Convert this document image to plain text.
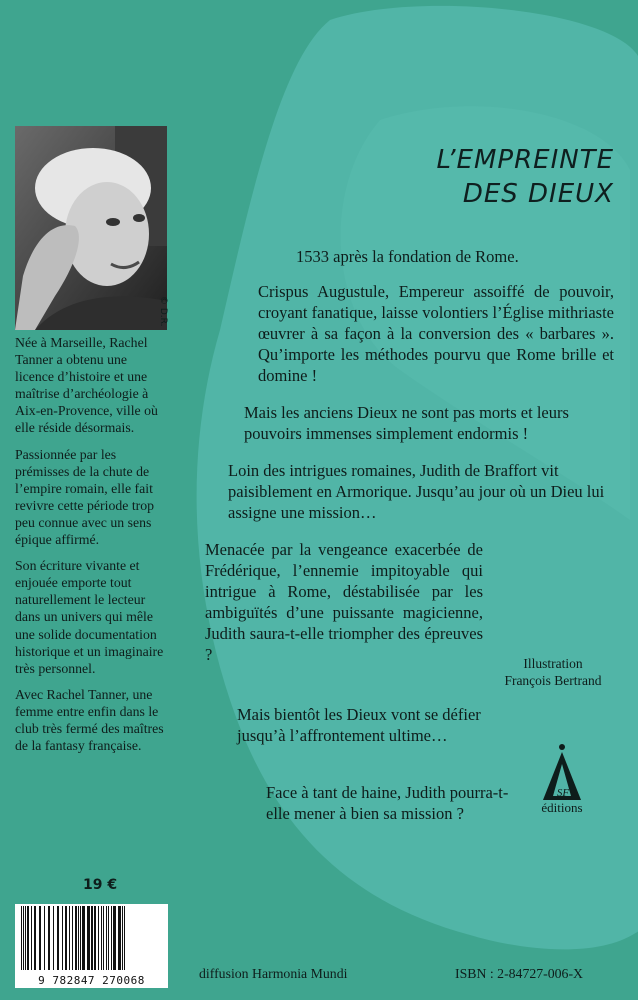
L’EMPREINTE
DES DIEUX

1533 après la fondation de Rome.

Crispus Augustule, Empereur assoiffé de pouvoir, croyant fanatique, laisse volontiers l’Église mithriaste œuvrer à sa façon à la conversion des « barbares ». Qu’importe les méthodes pourvu que Rome brille et domine !

Mais les anciens Dieux ne sont pas morts et leurs pouvoirs immenses simplement endormis !

Loin des intrigues romaines, Judith de Braffort vit paisiblement en Armorique. Jusqu’au jour où un Dieu lui assigne une mission…

Menacée par la vengeance exacerbée de Frédérique, l’ennemie impitoyable qui intrigue à Rome, déstabilisée par les ambiguïtés d’une puissante magicienne, Judith saura-t-elle triompher des épreuves ?

Mais bientôt les Dieux vont se défier jusqu’à l’affrontement ultime…

Face à tant de haine, Judith pourra-t-elle mener à bien sa mission ?

Illustration
François Bertrand
© D.R.

Née à Marseille, Rachel Tanner a obtenu une licence d’histoire et une maîtrise d’archéologie à Aix-en-Provence, ville où elle réside désormais.

Passionnée par les prémisses de la chute de l’empire romain, elle fait revivre cette période trop peu connue avec un sens épique affirmé.

Son écriture vivante et enjouée emporte tout naturellement le lecteur dans un univers qui mêle une solide documentation historique et un imaginaire très personnel.

Avec Rachel Tanner, une femme entre enfin dans le club très fermé des maîtres de la fantasy française.

19 €
9 782847 270068	diffusion Harmonia Mundi	ISBN : 2-84727-006-X
SF
éditions
